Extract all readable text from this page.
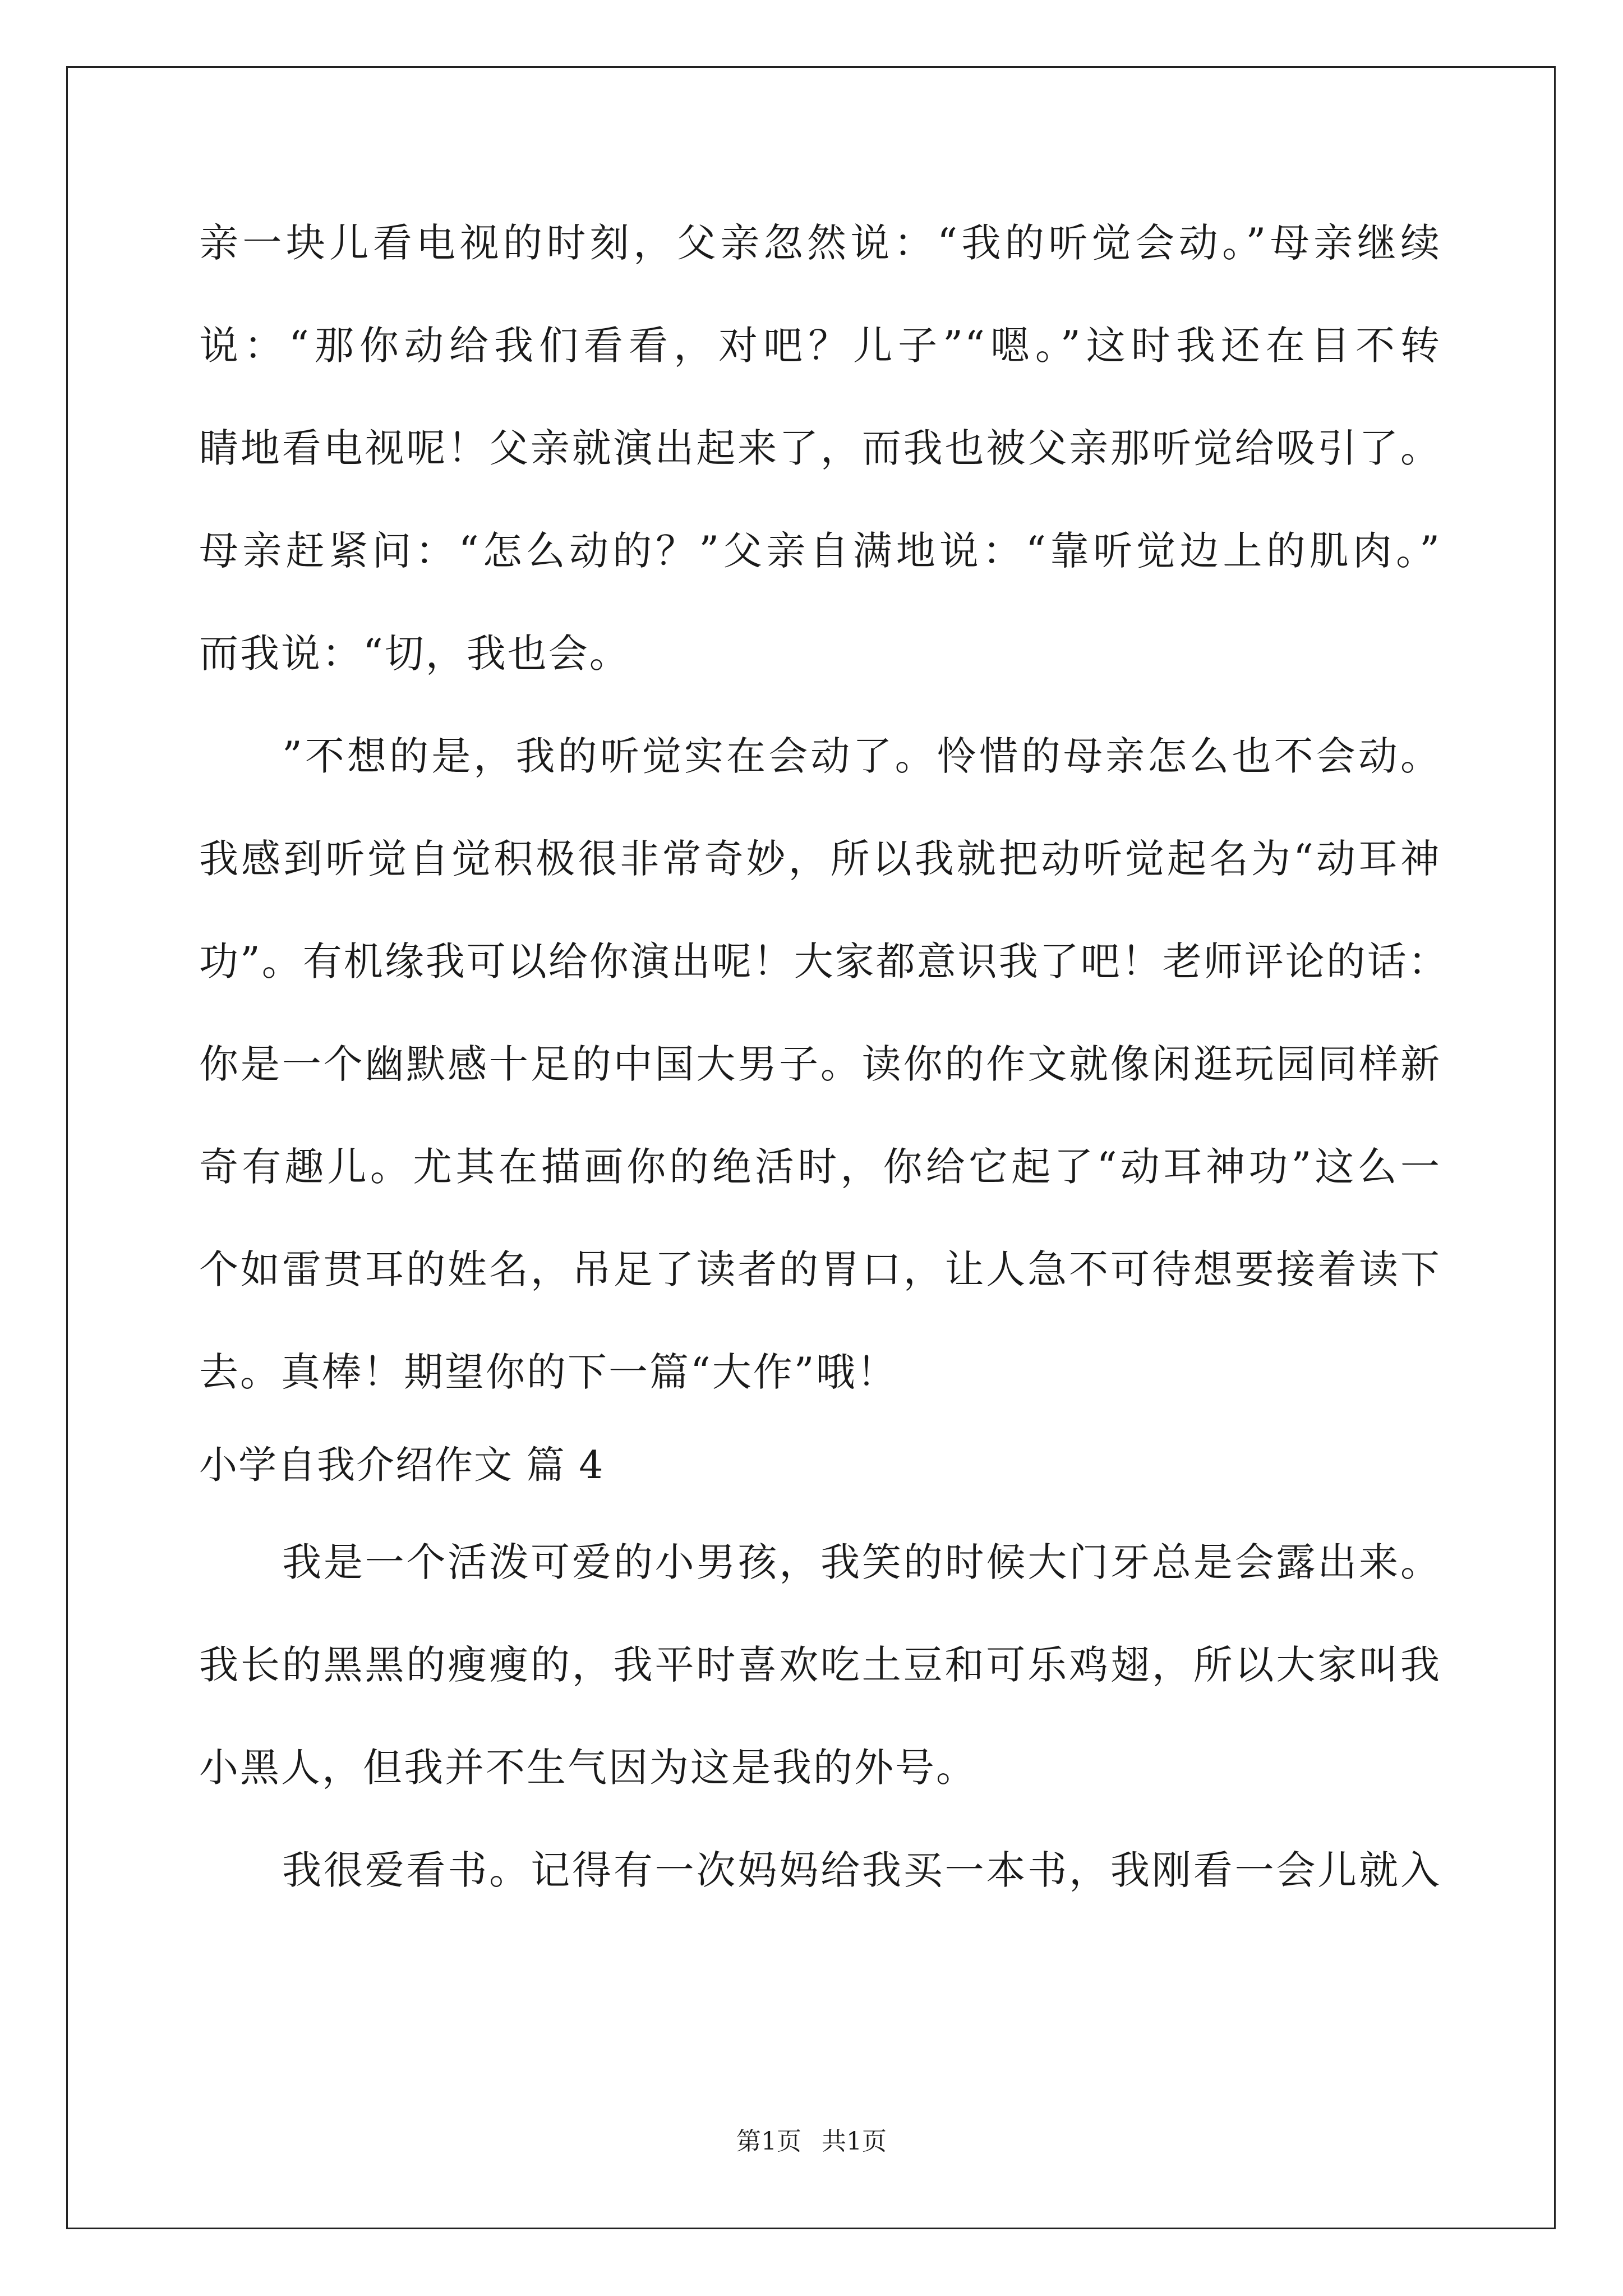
亲一块儿看电视的时刻，父亲忽然说：“我的听觉会动。”母亲继续
说：“那你动给我们看看，对吧？儿子”“嗯。”这时我还在目不转
睛地看电视呢！父亲就演出起来了，而我也被父亲那听觉给吸引了。
母亲赶紧问：“怎么动的？”父亲自满地说：“靠听觉边上的肌肉。”
而我说：“切，我也会。
”不想的是，我的听觉实在会动了。怜惜的母亲怎么也不会动。
我感到听觉自觉积极很非常奇妙，所以我就把动听觉起名为“动耳神
功”。有机缘我可以给你演出呢！大家都意识我了吧！老师评论的话：
你是一个幽默感十足的中国大男子。读你的作文就像闲逛玩园同样新
奇有趣儿。尤其在描画你的绝活时，你给它起了“动耳神功”这么一
个如雷贯耳的姓名，吊足了读者的胃口，让人急不可待想要接着读下
去。真棒！期望你的下一篇“大作”哦！
小学自我介绍作文 篇 4
我是一个活泼可爱的小男孩，我笑的时候大门牙总是会露出来。
我长的黑黑的瘦瘦的，我平时喜欢吃土豆和可乐鸡翅，所以大家叫我
小黑人，但我并不生气因为这是我的外号。
我很爱看书。记得有一次妈妈给我买一本书，我刚看一会儿就入
第1页 共1页
